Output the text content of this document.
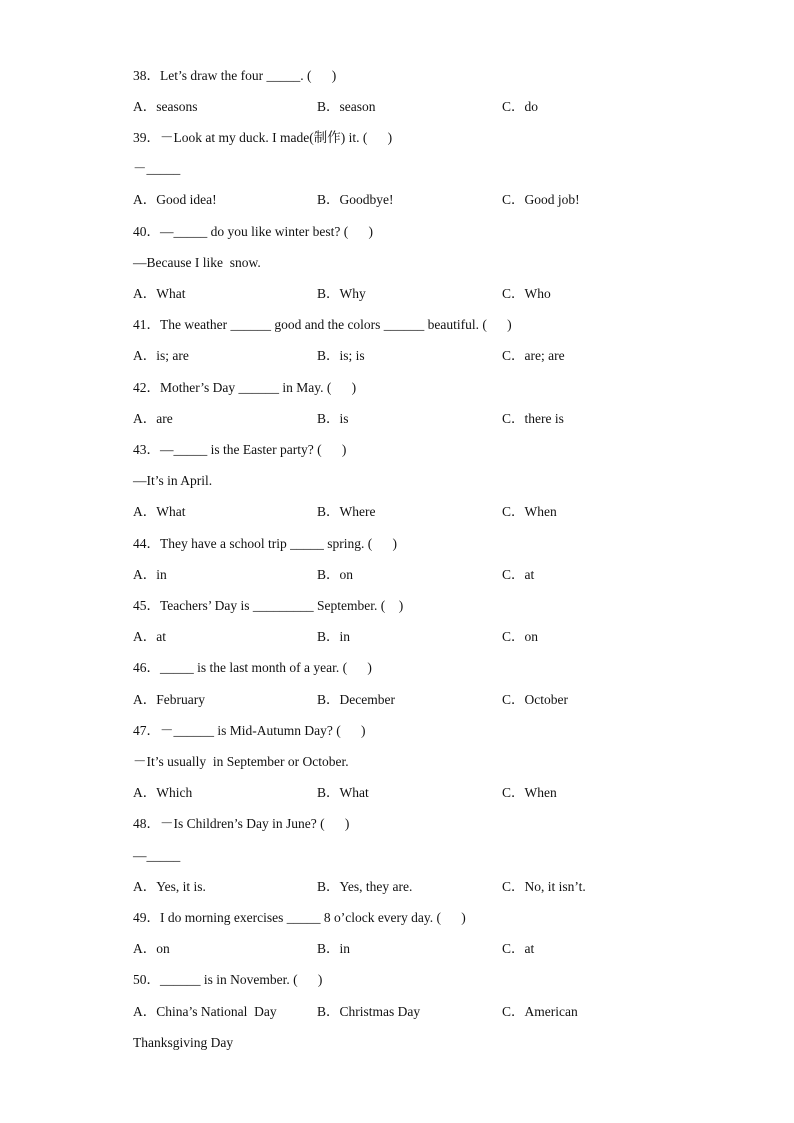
38．Let’s draw the four _____. (      )
A．seasons	B．season	C．do
39．－Look at my duck. I made(制作) it. (      )
－_____
A．Good idea!	B．Goodbye!	C．Good job!
40．—_____ do you like winter best? (      )
—Because I like  snow.
A．What	B．Why	C．Who
41．The weather ______ good and the colors ______ beautiful. (      )
A．is; are	B．is; is	C．are; are
42．Mother’s Day ______ in May. (      )
A．are	B．is	C．there is
43．—_____ is the Easter party? (      )
—It’s in April.
A．What	B．Where	C．When
44．They have a school trip _____ spring. (      )
A．in	B．on	C．at
45．Teachers’ Day is _________ September. (    )
A．at	B．in	C．on
46．_____ is the last month of a year. (      )
A．February	B．December	C．October
47．－______ is Mid-Autumn Day? (      )
－It’s usually  in September or October.
A．Which	B．What	C．When
48．－Is Children’s Day in June? (      )
—_____
A．Yes, it is.	B．Yes, they are.	C．No, it isn’t.
49．I do morning exercises _____ 8 o’clock every day. (      )
A．on	B．in	C．at
50．______ is in November. (      )
A．China’s National  Day	B．Christmas Day	C．American
Thanksgiving Day
